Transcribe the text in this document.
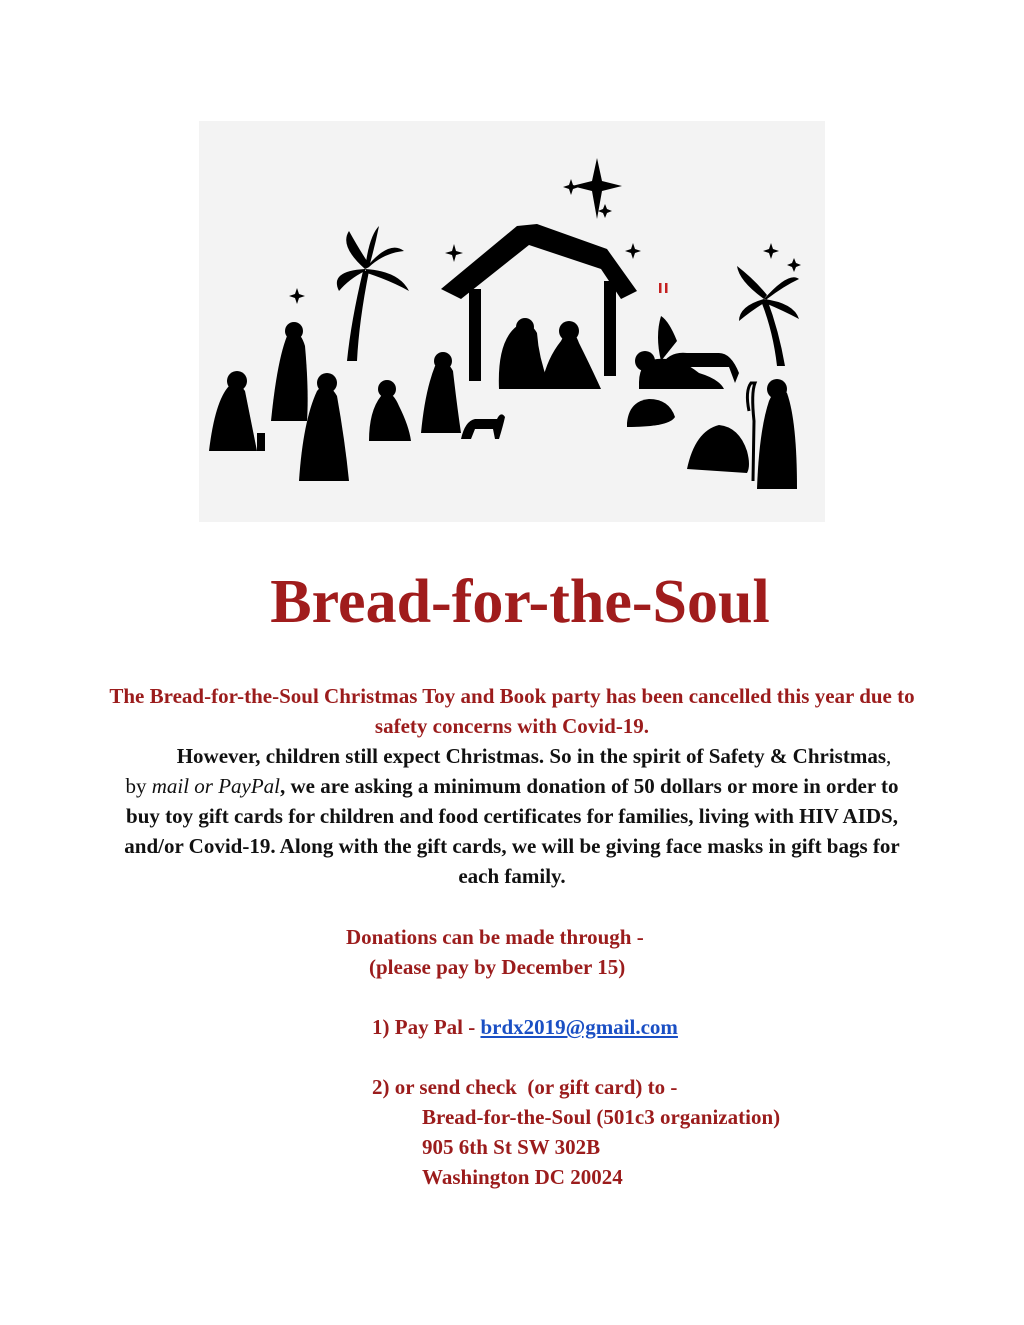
Bread-for-the-Soul

The Bread-for-the-Soul Christmas Toy and Book party has been cancelled this year due to safety concerns with Covid-19.

However, children still expect Christmas. So in the spirit of Safety & Christmas, by mail or PayPal, we are asking a minimum donation of 50 dollars or more in order to buy toy gift cards for children and food certificates for families, living with HIV AIDS, and/or Covid-19. Along with the gift cards, we will be giving face masks in gift bags for each family.

Donations can be made through -

(please pay by December 15)

1) Pay Pal - brdx2019@gmail.com

2) or send check  (or gift card) to -

Bread-for-the-Soul (501c3 organization)

905 6th St SW 302B

Washington DC 20024
